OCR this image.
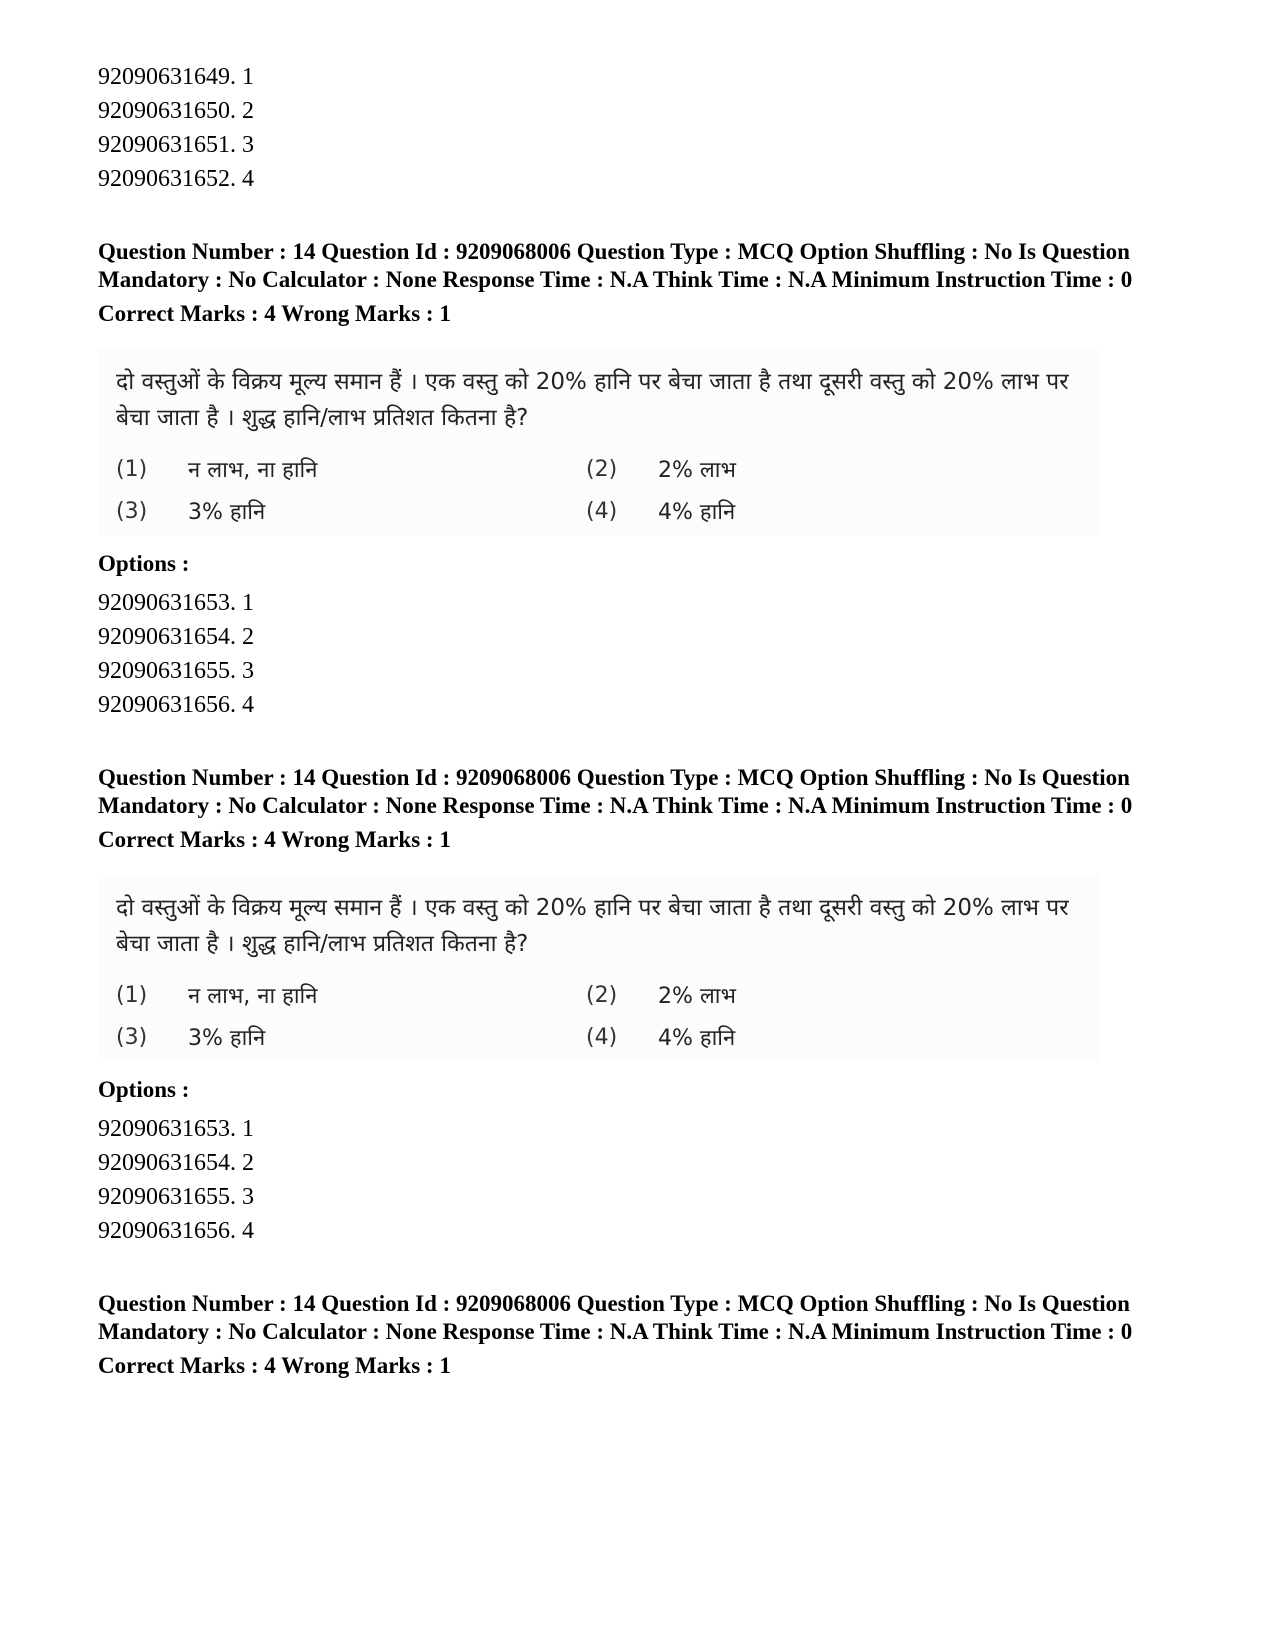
92090631649. 1
92090631650. 2
92090631651. 3
92090631652. 4
Question Number : 14 Question Id : 9209068006 Question Type : MCQ Option Shuffling : No Is Question Mandatory : No Calculator : None Response Time : N.A Think Time : N.A Minimum Instruction Time : 0
Correct Marks : 4 Wrong Marks : 1
दो वस्तुओं के विक्रय मूल्य समान हैं । एक वस्तु को 20% हानि पर बेचा जाता है तथा दूसरी वस्तु को 20% लाभ पर बेचा जाता है । शुद्ध हानि/लाभ प्रतिशत कितना है?
(1)	न लाभ, ना हानि	(2)	2% लाभ
(3)	3% हानि	(4)	4% हानि
Options :
92090631653. 1
92090631654. 2
92090631655. 3
92090631656. 4
Question Number : 14 Question Id : 9209068006 Question Type : MCQ Option Shuffling : No Is Question Mandatory : No Calculator : None Response Time : N.A Think Time : N.A Minimum Instruction Time : 0
Correct Marks : 4 Wrong Marks : 1
दो वस्तुओं के विक्रय मूल्य समान हैं । एक वस्तु को 20% हानि पर बेचा जाता है तथा दूसरी वस्तु को 20% लाभ पर बेचा जाता है । शुद्ध हानि/लाभ प्रतिशत कितना है?
(1)	न लाभ, ना हानि	(2)	2% लाभ
(3)	3% हानि	(4)	4% हानि
Options :
92090631653. 1
92090631654. 2
92090631655. 3
92090631656. 4
Question Number : 14 Question Id : 9209068006 Question Type : MCQ Option Shuffling : No Is Question Mandatory : No Calculator : None Response Time : N.A Think Time : N.A Minimum Instruction Time : 0
Correct Marks : 4 Wrong Marks : 1
